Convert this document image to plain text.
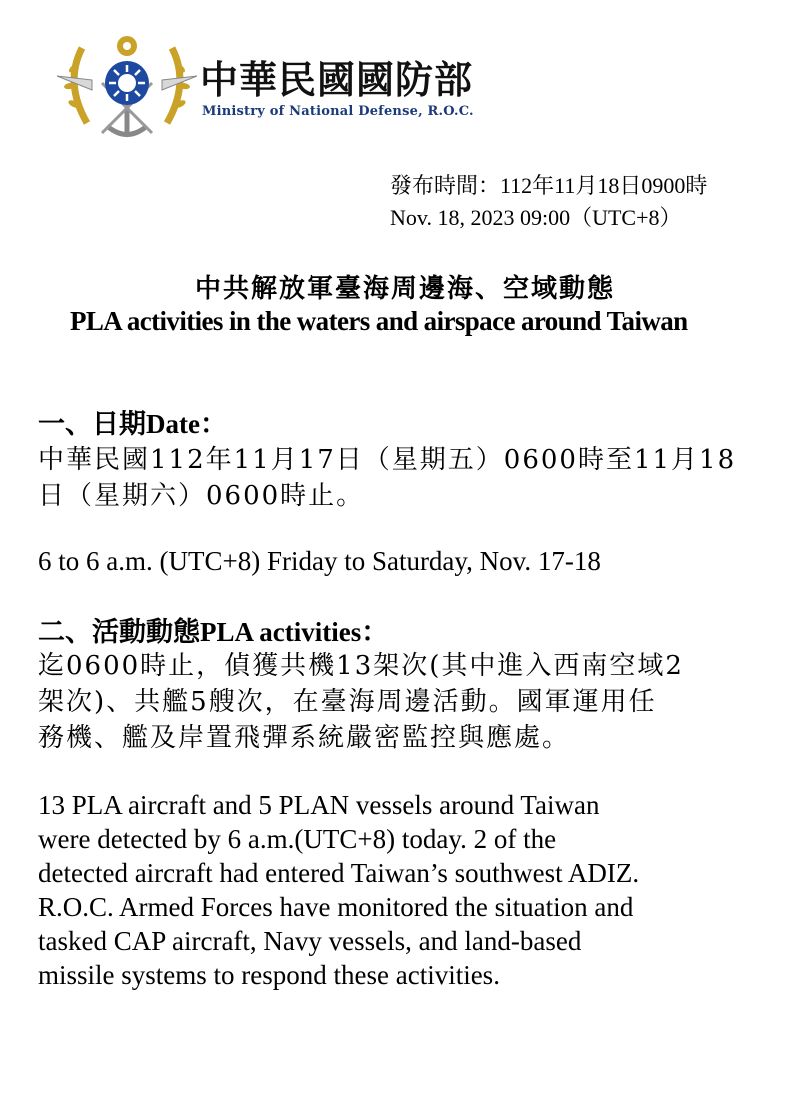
中華民國國防部
Ministry of National Defense, R.O.C.
發布時間：112年11月18日0900時
Nov. 18, 2023 09:00（UTC+8）
中共解放軍臺海周邊海、空域動態
PLA activities in the waters and airspace around Taiwan
一、日期Date：
中華民國112年11月17日（星期五）0600時至11月18
日（星期六）0600時止。
6 to 6 a.m. (UTC+8) Friday to Saturday, Nov. 17-18
二、活動動態PLA activities：
迄0600時止，偵獲共機13架次(其中進入西南空域2
架次)、共艦5艘次，在臺海周邊活動。國軍運用任
務機、艦及岸置飛彈系統嚴密監控與應處。
13 PLA aircraft and 5 PLAN vessels around Taiwan
were detected by 6 a.m.(UTC+8) today. 2 of the
detected aircraft had entered Taiwan’s southwest ADIZ.
R.O.C. Armed Forces have monitored the situation and
tasked CAP aircraft, Navy vessels, and land-based
missile systems to respond these activities.
